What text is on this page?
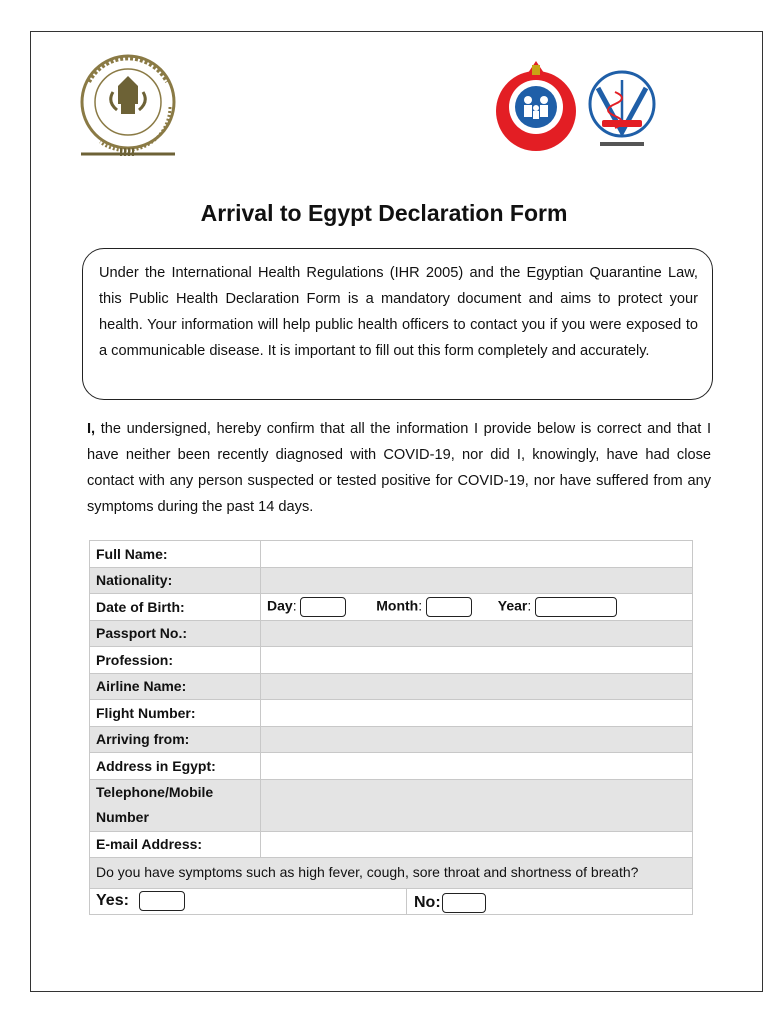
Arrival to Egypt Declaration Form

Under the International Health Regulations (IHR 2005) and the Egyptian Quarantine Law, this Public Health Declaration Form is a mandatory document and aims to protect your health. Your information will help public health officers to contact you if you were exposed to a communicable disease. It is important to fill out this form completely and accurately.

I, the undersigned, hereby confirm that all the information I provide below is correct and that I have neither been recently diagnosed with COVID-19, nor did I, knowingly, have had close contact with any person suspected or tested positive for COVID-19, nor have suffered from any symptoms during the past 14 days.

Full Name:	
Nationality:	
Date of Birth:	Day: Month: Year:
Passport No.:	
Profession:	
Airline Name:	
Flight Number:	
Arriving from:	
Address in Egypt:	
Telephone/Mobile Number	
E-mail Address:	
Do you have symptoms such as high fever, cough, sore throat and shortness of breath?	
Yes: No:	
